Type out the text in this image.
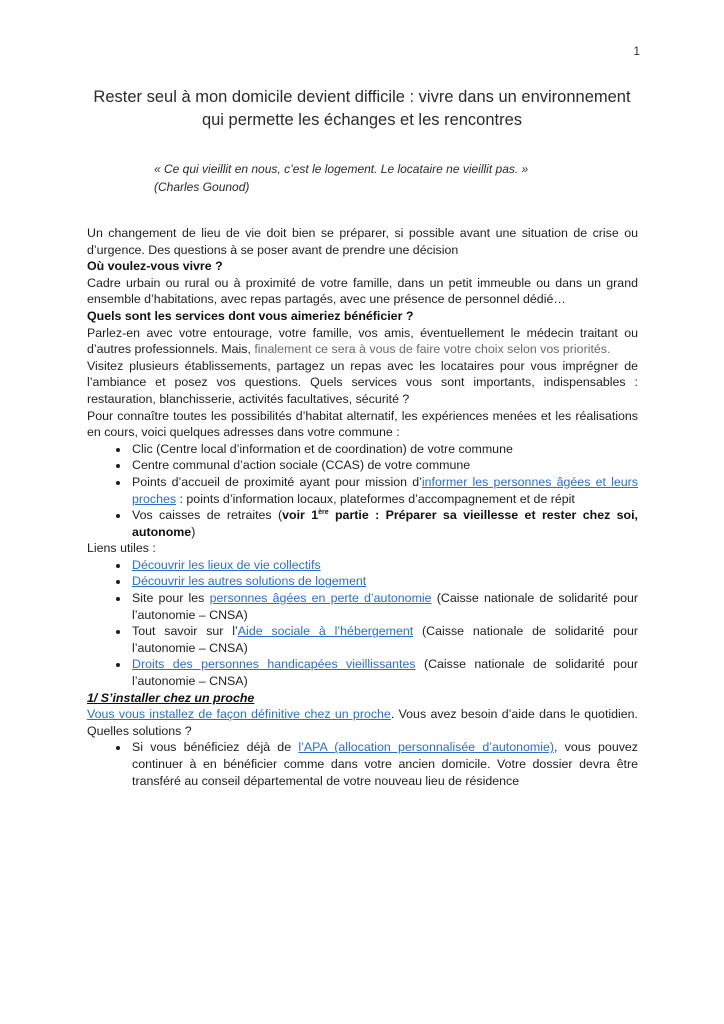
1
Rester seul à mon domicile devient difficile : vivre dans un environnement qui permette les échanges et les rencontres
« Ce qui vieillit en nous, c’est le logement. Le locataire ne vieillit pas. »
(Charles Gounod)

Un changement de lieu de vie doit bien se préparer, si possible avant une situation de crise ou d’urgence. Des questions à se poser avant de prendre une décision

Où voulez-vous vivre ?

Cadre urbain ou rural ou à proximité de votre famille, dans un petit immeuble ou dans un grand ensemble d’habitations, avec repas partagés, avec une présence de personnel dédié…

Quels sont les services dont vous aimeriez bénéficier ?

Parlez-en avec votre entourage, votre famille, vos amis, éventuellement le médecin traitant ou d’autres professionnels. Mais, finalement ce sera à vous de faire votre choix selon vos priorités.

Visitez plusieurs établissements, partagez un repas avec les locataires pour vous imprégner de l’ambiance et posez vos questions. Quels services vous sont importants, indispensables : restauration, blanchisserie, activités facultatives, sécurité ?

Pour connaître toutes les possibilités d’habitat alternatif, les expériences menées et les réalisations en cours, voici quelques adresses dans votre commune :

• Clic (Centre local d’information et de coordination) de votre commune
• Centre communal d’action sociale (CCAS) de votre commune
• Points d’accueil de proximité ayant pour mission d’informer les personnes âgées et leurs proches : points d’information locaux, plateformes d’accompagnement et de répit
• Vos caisses de retraites (voir 1ère partie : Préparer sa vieillesse et rester chez soi, autonome)

Liens utiles :

• Découvrir les lieux de vie collectifs
• Découvrir les autres solutions de logement
• Site pour les personnes âgées en perte d’autonomie (Caisse nationale de solidarité pour l’autonomie – CNSA)
• Tout savoir sur l’Aide sociale à l’hébergement (Caisse nationale de solidarité pour l’autonomie – CNSA)
• Droits des personnes handicapées vieillissantes (Caisse nationale de solidarité pour l’autonomie – CNSA)

1/ S’installer chez un proche

Vous vous installez de façon définitive chez un proche. Vous avez besoin d’aide dans le quotidien. Quelles solutions ?

• Si vous bénéficiez déjà de l’APA (allocation personnalisée d’autonomie), vous pouvez continuer à en bénéficier comme dans votre ancien domicile. Votre dossier devra être transféré au conseil départemental de votre nouveau lieu de résidence
